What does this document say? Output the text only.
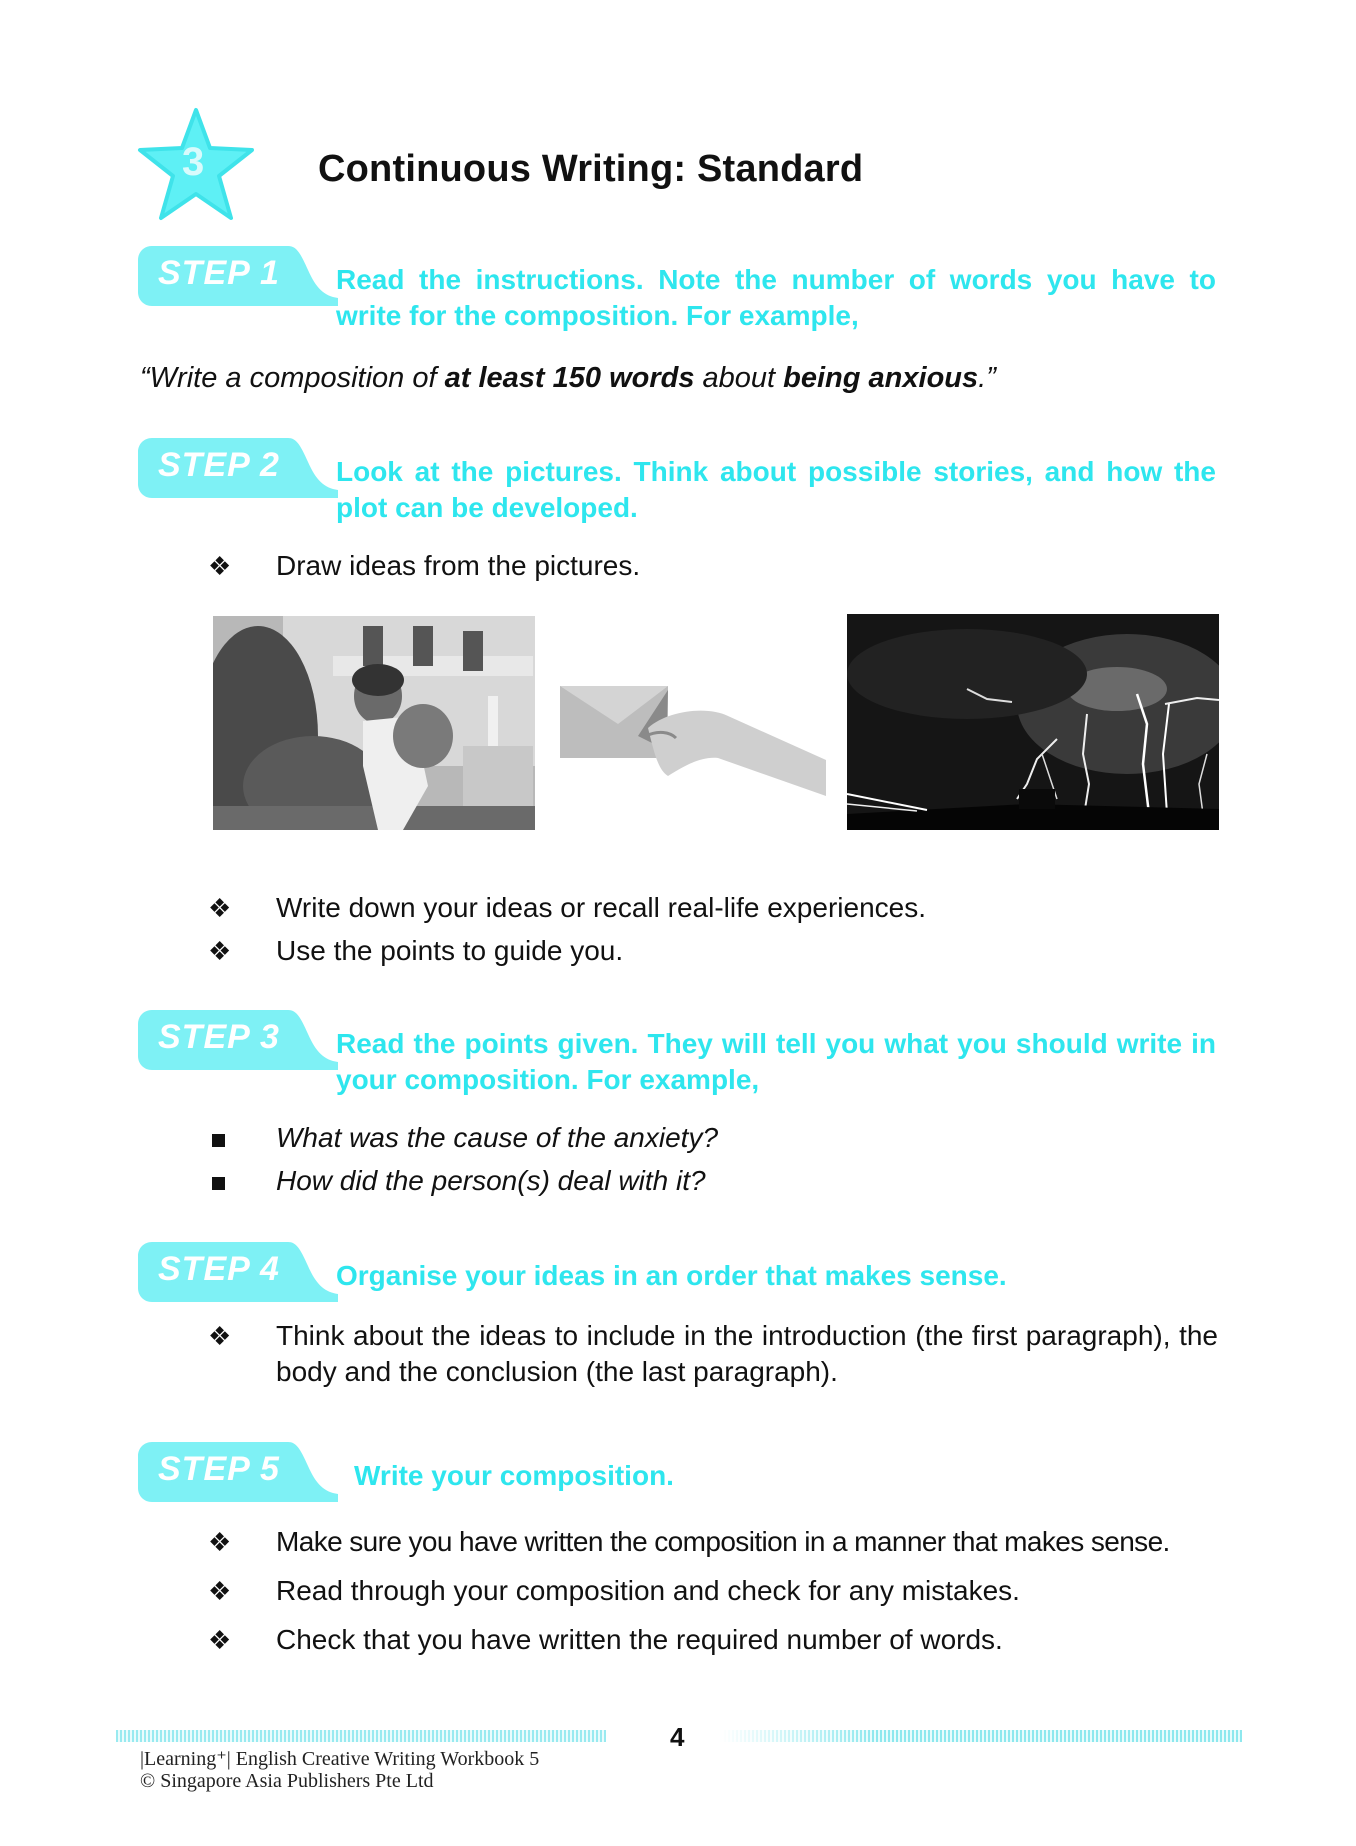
3	Continuous Writing: Standard
STEP 1 Read the instructions. Note the number of words you have to write for the composition. For example,
“Write a composition of at least 150 words about being anxious.”
STEP 2 Look at the pictures. Think about possible stories, and how the plot can be developed.
❖	Draw ideas from the pictures.
❖	Write down your ideas or recall real-life experiences.
❖	Use the points to guide you.
STEP 3 Read the points given. They will tell you what you should write in your composition. For example,
What was the cause of the anxiety?
How did the person(s) deal with it?
STEP 4 Organise your ideas in an order that makes sense.
❖	Think about the ideas to include in the introduction (the first paragraph), the body and the conclusion (the last paragraph).
STEP 5	Write your composition.
❖	Make sure you have written the composition in a manner that makes sense.
❖	Read through your composition and check for any mistakes.
❖	Check that you have written the required number of words.
4
|Learning⁺| English Creative Writing Workbook 5
© Singapore Asia Publishers Pte Ltd
